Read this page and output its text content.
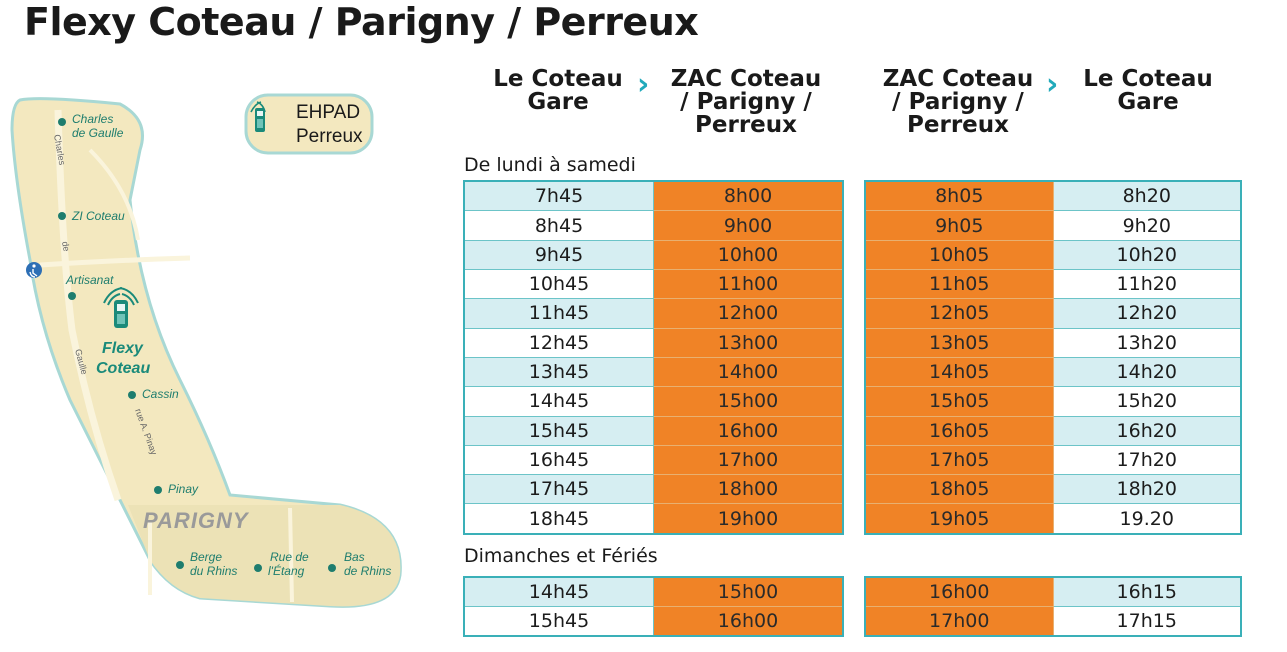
Flexy Coteau / Parigny / Perreux
Charles
de
Gaulle
rue A. Pinay
Charles
de Gaulle
ZI Coteau
Artisanat
Cassin
Pinay
Berge
du Rhins
Rue de
l'Étang
Bas
de Rhins
Flexy
Coteau
PARIGNY
EHPAD
Perreux
Le Coteau
Gare	› ZAC Coteau
/ Parigny /
Perreux
ZAC Coteau
/ Parigny /
Perreux
›	Le Coteau
Gare
De lundi à samedi
7h45	8h00
8h45	9h00
9h45	10h00
10h45	11h00
11h45	12h00
12h45	13h00
13h45	14h00
14h45	15h00
15h45	16h00
16h45	17h00
17h45	18h00
18h45	19h00
8h05	8h20
9h05	9h20
10h05	10h20
11h05	11h20
12h05	12h20
13h05	13h20
14h05	14h20
15h05	15h20
16h05	16h20
17h05	17h20
18h05	18h20
19h05	19.20
Dimanches et Fériés
14h45	15h00
15h45	16h00
16h00	16h15
17h00	17h15
